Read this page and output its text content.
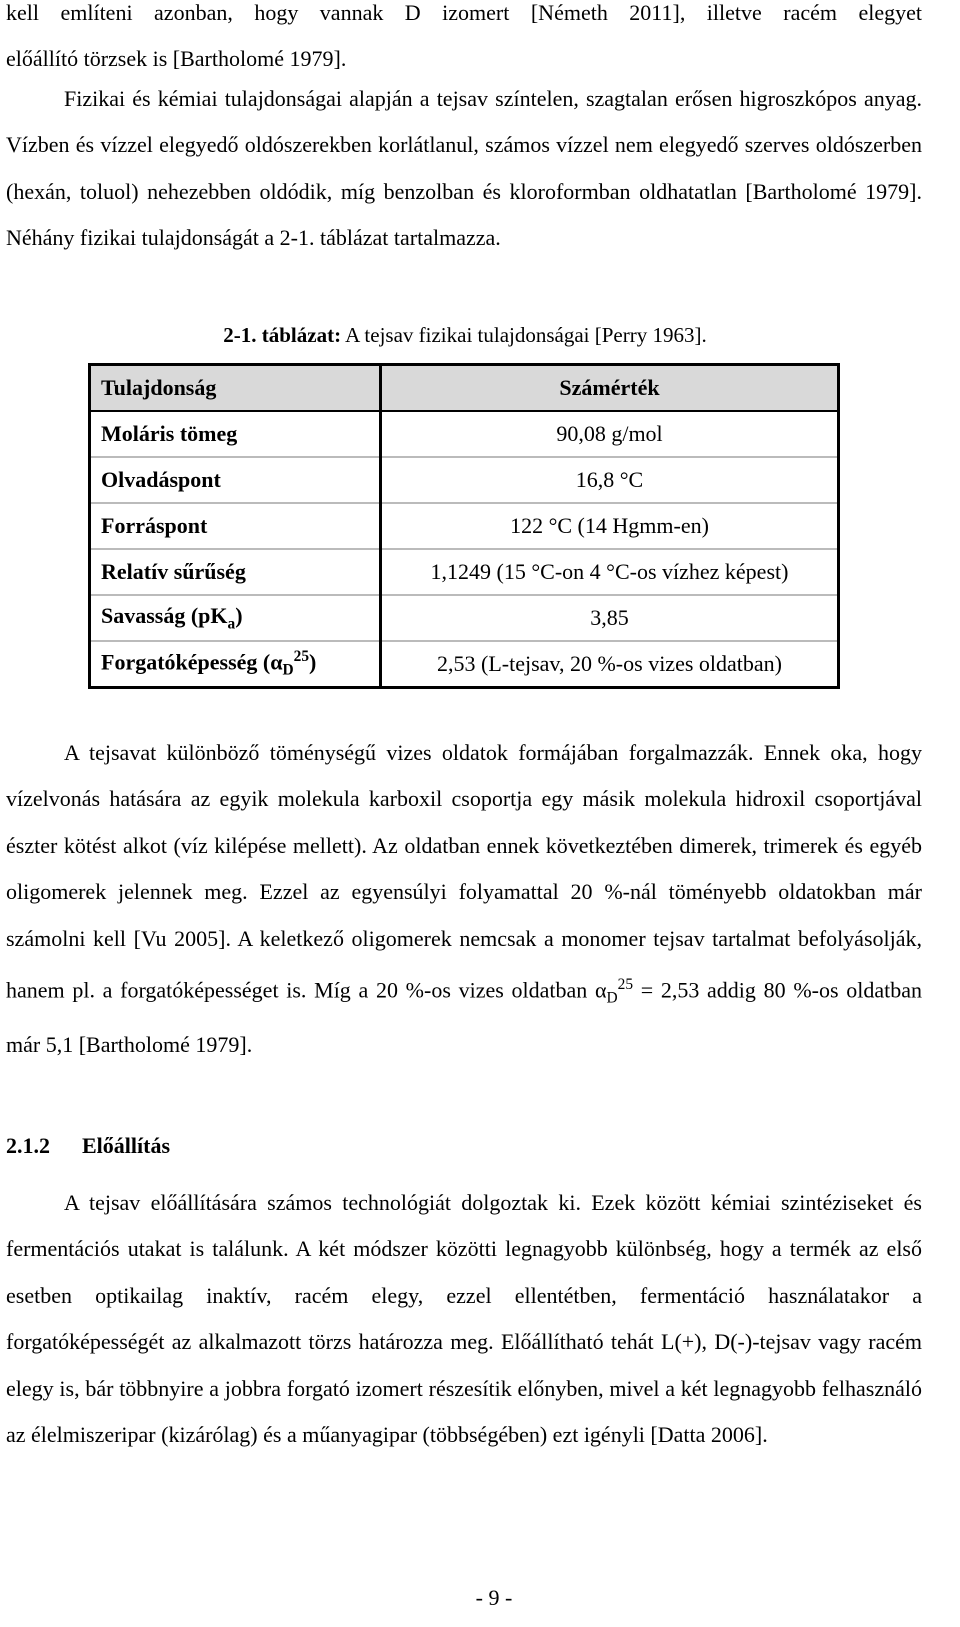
kell említeni azonban, hogy vannak D izomert [Németh 2011], illetve racém elegyet

előállító törzsek is [Bartholomé 1979].

Fizikai és kémiai tulajdonságai alapján a tejsav színtelen, szagtalan erősen higroszkópos anyag. Vízben és vízzel elegyedő oldószerekben korlátlanul, számos vízzel nem elegyedő szerves oldószerben (hexán, toluol) nehezebben oldódik, míg benzolban és kloroformban oldhatatlan [Bartholomé 1979]. Néhány fizikai tulajdonságát a 2-1. táblázat tartalmazza.

2-1. táblázat: A tejsav fizikai tulajdonságai [Perry 1963].
Tulajdonság	Számérték
Moláris tömeg	90,08 g/mol
Olvadáspont	16,8 °C
Forráspont	122 °C (14 Hgmm-en)
Relatív sűrűség	1,1249 (15 °C-on 4 °C-os vízhez képest)
Savasság $(pK_a)$	3,85
Forgatóképesség $(\alpha_D^{25})$	2,53 (L-tejsav, 20 %-os vizes oldatban)

A tejsavat különböző töménységű vizes oldatok formájában forgalmazzák. Ennek oka, hogy vízelvonás hatására az egyik molekula karboxil csoportja egy másik molekula hidroxil csoportjával észter kötést alkot (víz kilépése mellett). Az oldatban ennek következtében dimerek, trimerek és egyéb oligomerek jelennek meg. Ezzel az egyensúlyi folyamattal 20 %-nál töményebb oldatokban már számolni kell [Vu 2005]. A keletkező oligomerek nemcsak a monomer tejsav tartalmat befolyásolják, hanem pl. a forgatóképességet is. Míg a 20 %-os vizes oldatban $\alpha_D^{25} = 2,53$ addig 80 %-os oldatban már 5,1 [Bartholomé 1979].

2.1.2 Előállítás

A tejsav előállítására számos technológiát dolgoztak ki. Ezek között kémiai szintéziseket és fermentációs utakat is találunk. A két módszer közötti legnagyobb különbség, hogy a termék az első esetben optikailag inaktív, racém elegy, ezzel ellentétben, fermentáció használatakor a forgatóképességét az alkalmazott törzs határozza meg. Előállítható tehát L(+), D(-)-tejsav vagy racém elegy is, bár többnyire a jobbra forgató izomert részesítik előnyben, mivel a két legnagyobb felhasználó az élelmiszeripar (kizárólag) és a műanyagipar (többségében) ezt igényli [Datta 2006].

- 9 -
